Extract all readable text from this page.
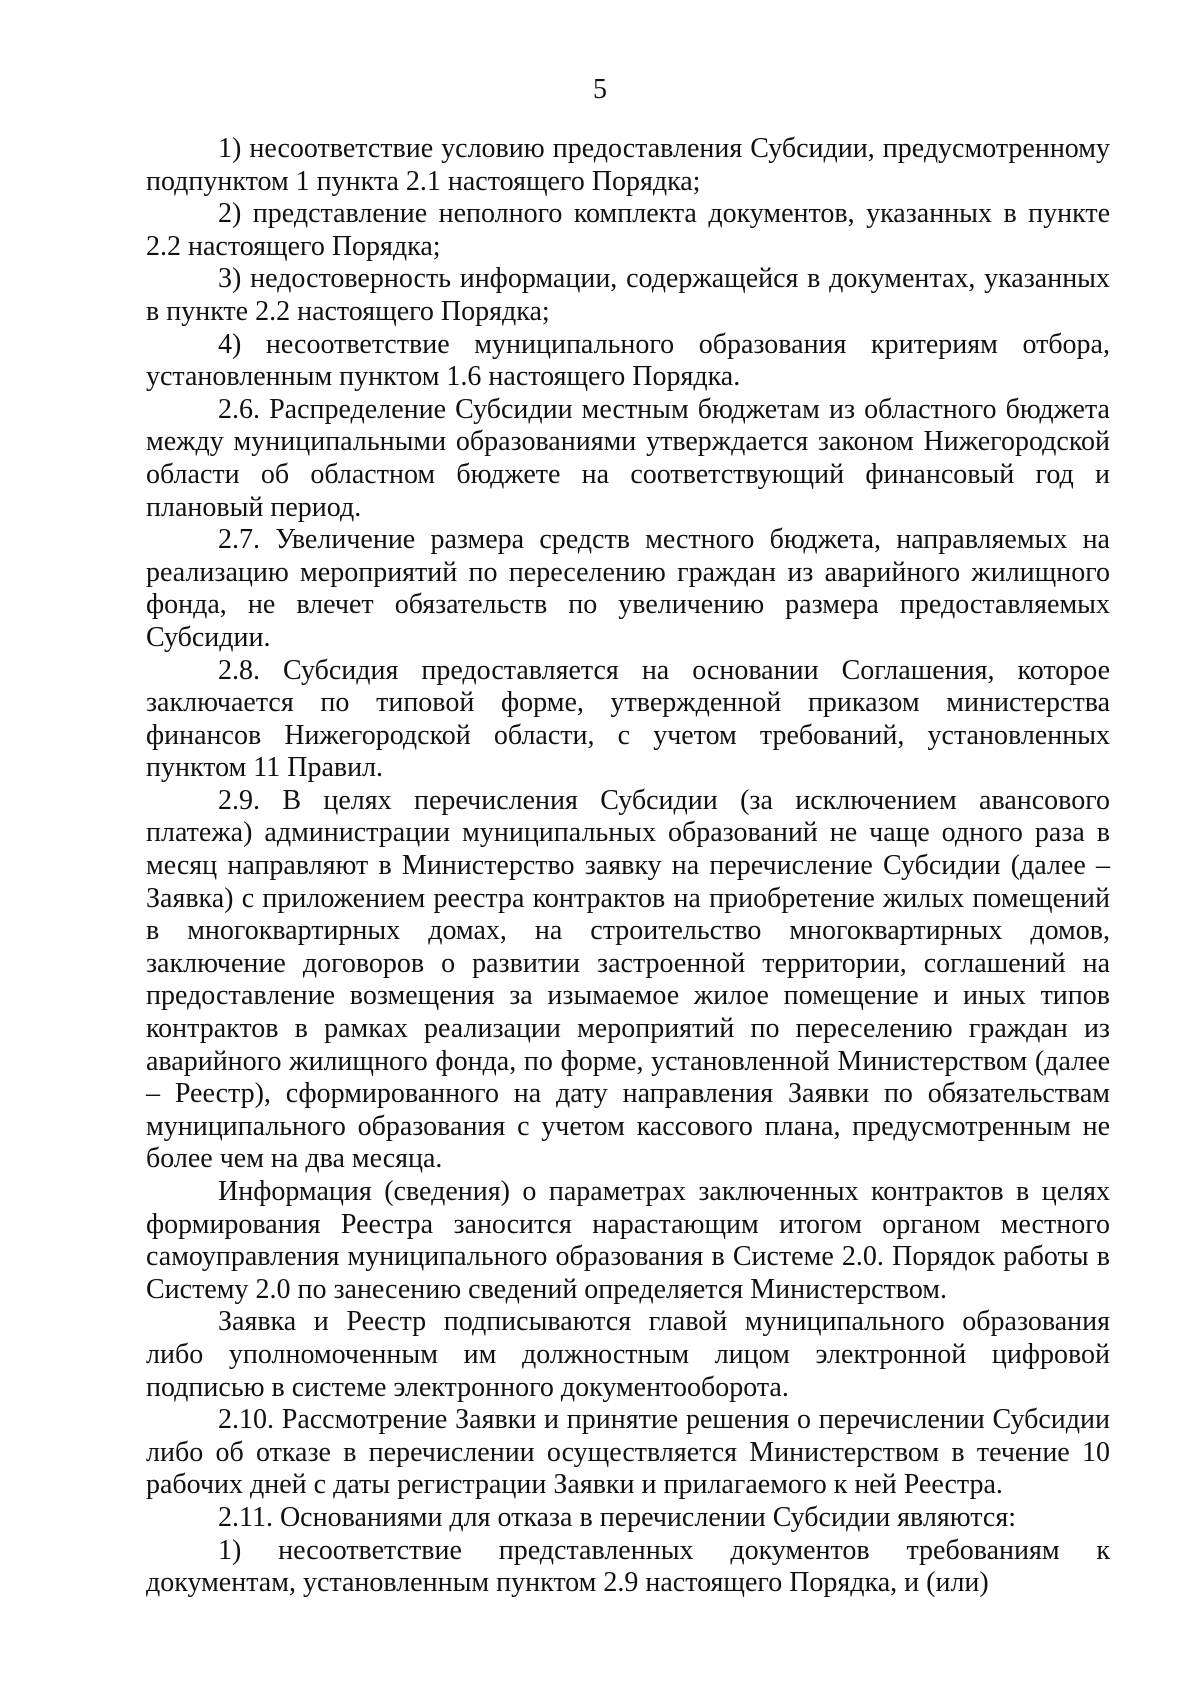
5

1) несоответствие условию предоставления Субсидии, предусмотренному подпунктом 1 пункта 2.1 настоящего Порядка;

2) представление неполного комплекта документов, указанных в пункте 2.2 настоящего Порядка;

3) недостоверность информации, содержащейся в документах, указанных в пункте 2.2 настоящего Порядка;

4) несоответствие муниципального образования критериям отбора, установленным пунктом 1.6 настоящего Порядка.

2.6. Распределение Субсидии местным бюджетам из областного бюджета между муниципальными образованиями утверждается законом Нижегородской области об областном бюджете на соответствующий финансовый год и плановый период.

2.7. Увеличение размера средств местного бюджета, направляемых на реализацию мероприятий по переселению граждан из аварийного жилищного фонда, не влечет обязательств по увеличению размера предоставляемых Субсидии.

2.8. Субсидия предоставляется на основании Соглашения, которое заключается по типовой форме, утвержденной приказом министерства финансов Нижегородской области, с учетом требований, установленных пунктом 11 Правил.

2.9. В целях перечисления Субсидии (за исключением авансового платежа) администрации муниципальных образований не чаще одного раза в месяц направляют в Министерство заявку на перечисление Субсидии (далее – Заявка) с приложением реестра контрактов на приобретение жилых помещений в многоквартирных домах, на строительство многоквартирных домов, заключение договоров о развитии застроенной территории, соглашений на предоставление возмещения за изымаемое жилое помещение и иных типов контрактов в рамках реализации мероприятий по переселению граждан из аварийного жилищного фонда, по форме, установленной Министерством (далее – Реестр), сформированного на дату направления Заявки по обязательствам муниципального образования с учетом кассового плана, предусмотренным не более чем на два месяца.

Информация (сведения) о параметрах заключенных контрактов в целях формирования Реестра заносится нарастающим итогом органом местного самоуправления муниципального образования в Системе 2.0. Порядок работы в Систему 2.0 по занесению сведений определяется Министерством.

Заявка и Реестр подписываются главой муниципального образования либо уполномоченным им должностным лицом электронной цифровой подписью в системе электронного документооборота.

2.10. Рассмотрение Заявки и принятие решения о перечислении Субсидии либо об отказе в перечислении осуществляется Министерством в течение 10 рабочих дней с даты регистрации Заявки и прилагаемого к ней Реестра.

2.11. Основаниями для отказа в перечислении Субсидии являются:

1) несоответствие представленных документов требованиям к документам, установленным пунктом 2.9 настоящего Порядка, и (или)
